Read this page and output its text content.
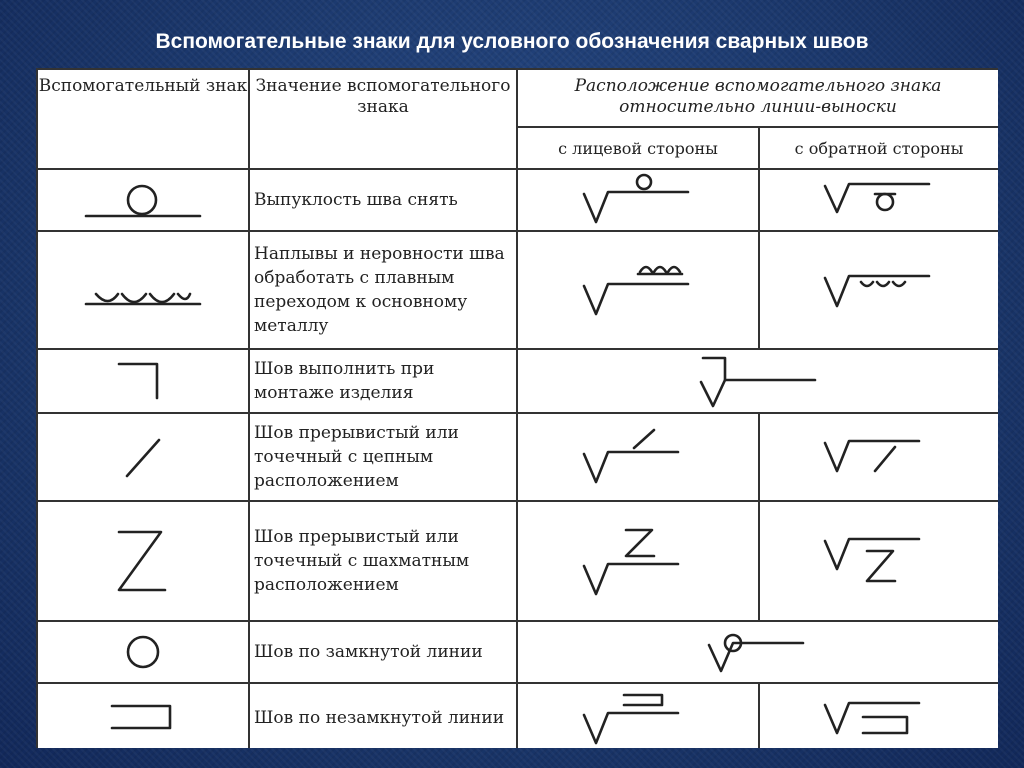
Вспомогательные знаки для условного обозначения сварных швов
Вспомогательный знак	Значение вспомогательного знака	Расположение вспомогательного знака относительно линии-выноски	
		с лицевой стороны	с обратной стороны

	Выпуклость шва снять	

	Наплывы и неровности шва обработать с плавным переходом к основному металлу	

	Шов выполнить при монтаже изделия	

	Шов прерывистый или точечный с цепным расположением	

	Шов прерывистый или точечный с шахматным расположением	

	Шов по замкнутой линии	

	Шов по незамкнутой линии	
